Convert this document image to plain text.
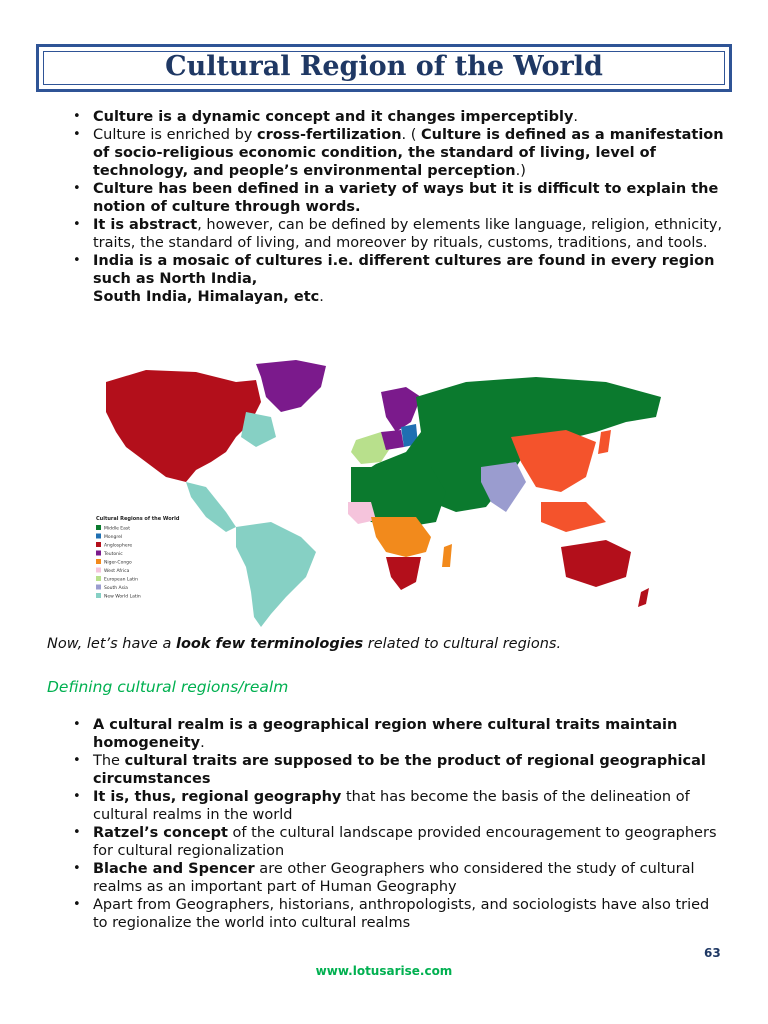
Cultural Region of the World
• Culture is a dynamic concept and it changes imperceptibly.
• Culture is enriched by cross-fertilization. ( Culture is defined as a manifestation of socio-religious economic condition, the standard of living, level of technology, and people’s environmental perception.)
• Culture has been defined in a variety of ways but it is difficult to explain the notion of culture through words.
• It is abstract, however, can be defined by elements like language, religion, ethnicity, traits, the standard of living, and moreover by rituals, customs, traditions, and tools.
• India is a mosaic of cultures i.e. different cultures are found in every region such as North India,
South India, Himalayan, etc.
Cultural Regions of the World
Middle East
Mongrel
Anglosphere
Teutonic
Niger-Congo
West Africa
European Latin
South Asia
New World Latin
Now, let’s have a look few terminologies related to cultural regions.
Defining cultural regions/realm
• A cultural realm is a geographical region where cultural traits maintain homogeneity.
• The cultural traits are supposed to be the product of regional geographical circumstances
• It is, thus, regional geography that has become the basis of the delineation of cultural realms in the world
• Ratzel’s concept of the cultural landscape provided encouragement to geographers for cultural regionalization
• Blache and Spencer are other Geographers who considered the study of cultural realms as an important part of Human Geography
• Apart from Geographers, historians, anthropologists, and sociologists have also tried to regionalize the world into cultural realms
63
www.lotusarise.com
